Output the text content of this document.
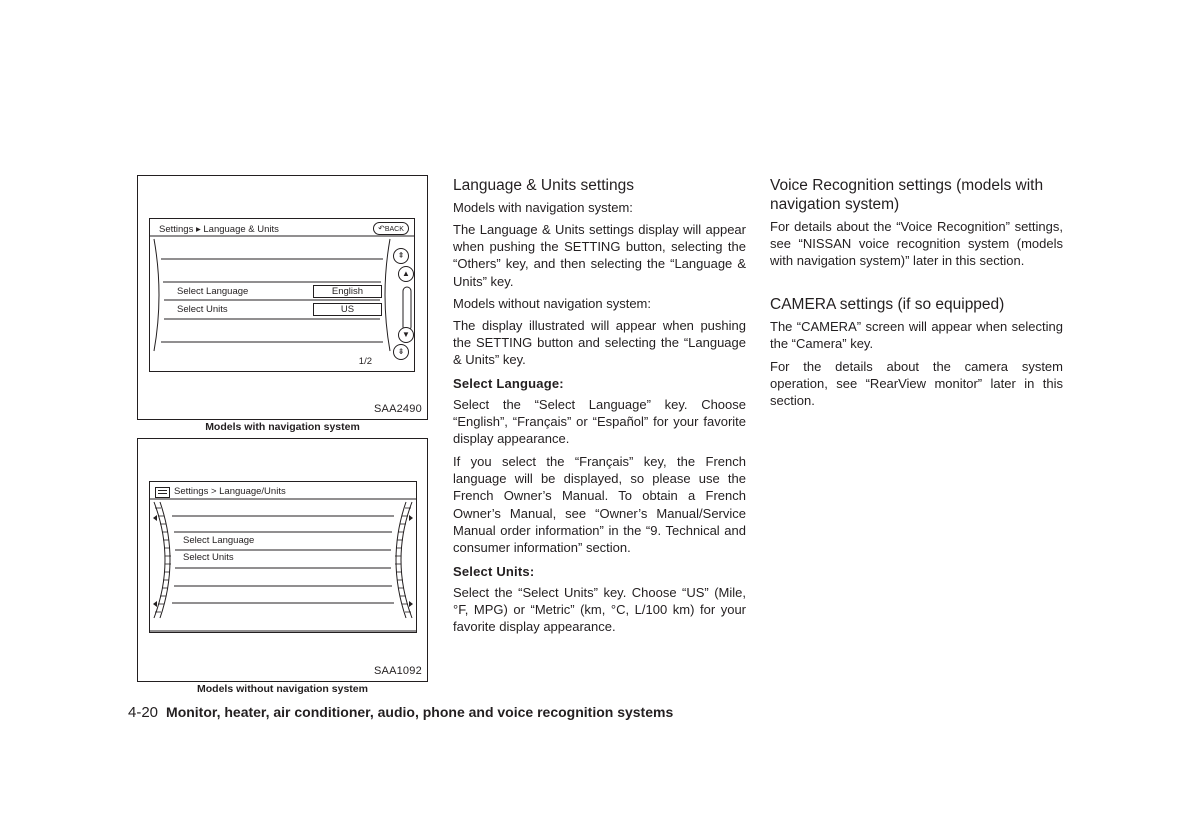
Settings ▸ Language & Units	↶BACK
Select Language	English
Select Units	US
1/2
⇞
▲
▼
⇟
SAA2490
Models with navigation system
Settings > Language/Units
Select Language
Select Units
SAA1092
Models without navigation system
Language & Units settings
Models with navigation system:
The Language & Units settings display will appear when pushing the SETTING button, selecting the “Others” key, and then selecting the “Language & Units” key.
Models without navigation system:
The display illustrated will appear when pushing the SETTING button and selecting the “Language & Units” key.
Select Language:
Select the “Select Language” key. Choose “English”, “Français” or “Español” for your favorite display appearance.
If you select the “Français” key, the French language will be displayed, so please use the French Owner’s Manual. To obtain a French Owner’s Manual, see “Owner’s Manual/Service Manual order information” in the “9. Technical and consumer information” section.
Select Units:
Select the “Select Units” key. Choose “US” (Mile, °F, MPG) or “Metric” (km, °C, L/100 km) for your favorite display appearance.
Voice Recognition settings (models with navigation system)
For details about the “Voice Recognition” settings, see “NISSAN voice recognition system (models with navigation system)” later in this section.
CAMERA settings (if so equipped)
The “CAMERA” screen will appear when selecting the “Camera” key.
For the details about the camera system operation, see “RearView monitor” later in this section.
4-20 Monitor, heater, air conditioner, audio, phone and voice recognition systems
